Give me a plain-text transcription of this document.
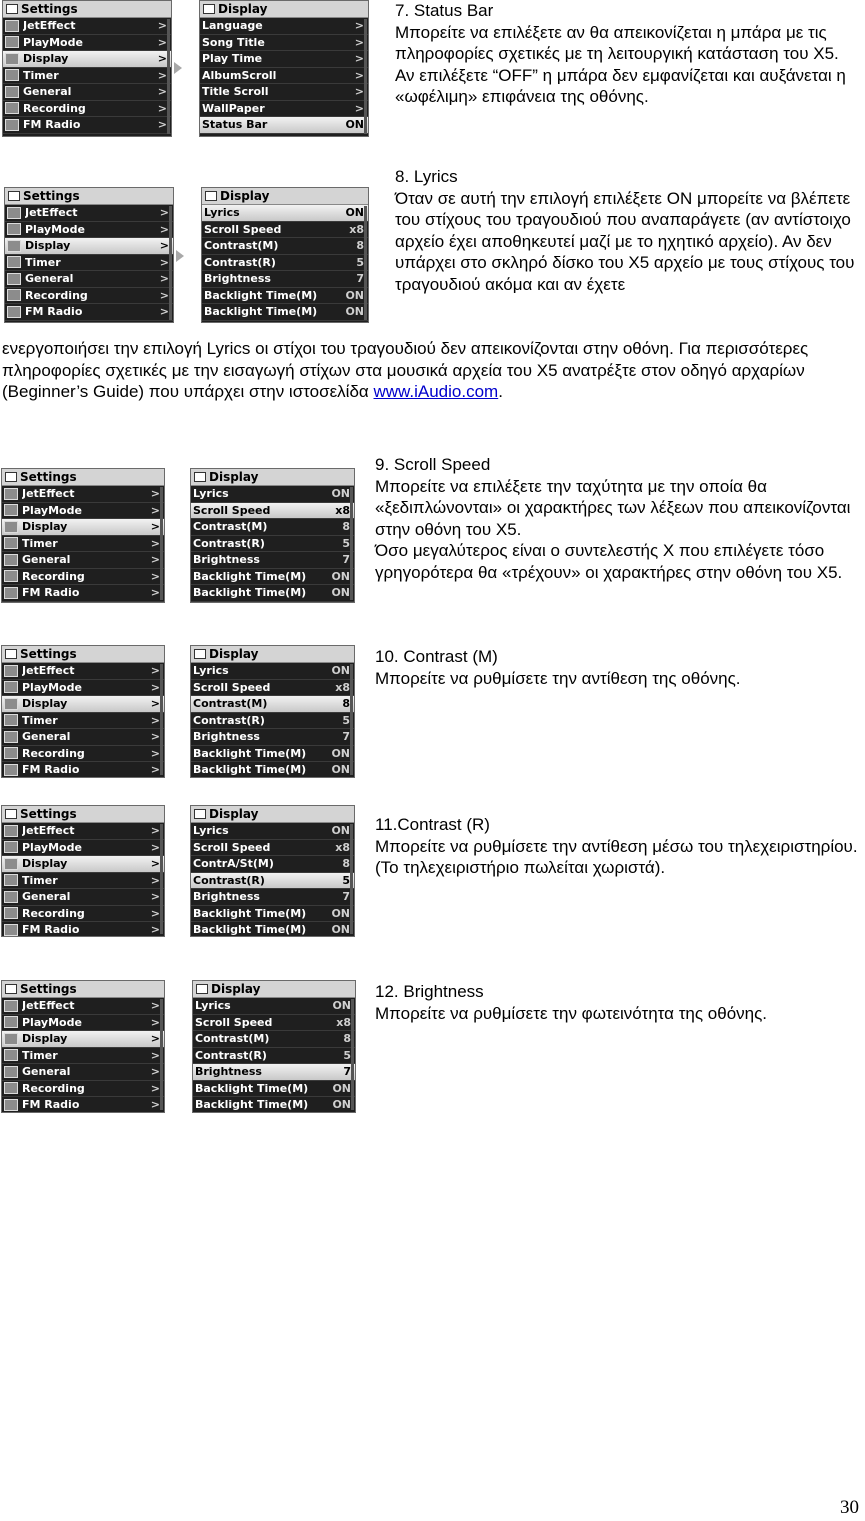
Settings
JetEffect	>
PlayMode	>
Display	>
Timer	>
General	>
Recording	>
FM Radio	>
Display
Language	>
Song Title	>
Play Time	>
AlbumScroll	>
Title Scroll	>
WallPaper	>
Status Bar	ON

7. Status Bar

Μπορείτε να επιλέξετε αν θα απεικονίζεται η μπάρα με τις πληροφορίες σχετικές με τη λειτουργική κατάσταση του X5. Αν επιλέξετε “OFF” η μπάρα δεν εμφανίζεται και αυξάνεται η «ωφέλιμη» επιφάνεια της οθόνης.

Settings
JetEffect	>
PlayMode	>
Display	>
Timer	>
General	>
Recording	>
FM Radio	>
Display
Lyrics	ON
Scroll Speed	x8
Contrast(M)	8
Contrast(R)	5
Brightness	7
Backlight Time(M)	ON
Backlight Time(M)	ON

8. Lyrics

Όταν σε αυτή την επιλογή επιλέξετε ON μπορείτε να βλέπετε του στίχους του τραγουδιού που αναπαράγετε (αν αντίστοιχο αρχείο έχει αποθηκευτεί μαζί με το ηχητικό αρχείο). Αν δεν υπάρχει στο σκληρό δίσκο του X5 αρχείο με τους στίχους του τραγουδιού ακόμα και αν έχετε

ενεργοποιήσει την επιλογή Lyrics οι στίχοι του τραγουδιού δεν απεικονίζονται στην οθόνη. Για περισσότερες πληροφορίες σχετικές με την εισαγωγή στίχων στα μουσικά αρχεία του X5 ανατρέξτε στον οδηγό αρχαρίων (Beginner’s Guide) που υπάρχει στην ιστοσελίδα www.iAudio.com.
Settings
JetEffect	>
PlayMode	>
Display	>
Timer	>
General	>
Recording	>
FM Radio	>
Display
Lyrics	ON
Scroll Speed	x8
Contrast(M)	8
Contrast(R)	5
Brightness	7
Backlight Time(M)	ON
Backlight Time(M)	ON

9. Scroll Speed

Μπορείτε να επιλέξετε την ταχύτητα με την οποία θα «ξεδιπλώνονται» οι χαρακτήρες των λέξεων που απεικονίζονται στην οθόνη του X5.

Όσο μεγαλύτερος είναι ο συντελεστής X που επιλέγετε τόσο γρηγορότερα θα «τρέχουν» οι χαρακτήρες στην οθόνη του X5.

Settings
JetEffect	>
PlayMode	>
Display	>
Timer	>
General	>
Recording	>
FM Radio	>
Display
Lyrics	ON
Scroll Speed	x8
Contrast(M)	8
Contrast(R)	5
Brightness	7
Backlight Time(M)	ON
Backlight Time(M)	ON

10. Contrast (M)

Μπορείτε να ρυθμίσετε την αντίθεση της οθόνης.

Settings
JetEffect	>
PlayMode	>
Display	>
Timer	>
General	>
Recording	>
FM Radio	>
Display
Lyrics	ON
Scroll Speed	x8
ContrA/St(M)	8
Contrast(R)	5
Brightness	7
Backlight Time(M)	ON
Backlight Time(M)	ON

11.Contrast (R)

Μπορείτε να ρυθμίσετε την αντίθεση μέσω του τηλεχειριστηρίου.

(Το τηλεχειριστήριο πωλείται χωριστά).

Settings
JetEffect	>
PlayMode	>
Display	>
Timer	>
General	>
Recording	>
FM Radio	>
Display
Lyrics	ON
Scroll Speed	x8
Contrast(M)	8
Contrast(R)	5
Brightness	7
Backlight Time(M)	ON
Backlight Time(M)	ON

12. Brightness

Μπορείτε να ρυθμίσετε την φωτεινότητα της οθόνης.

30
